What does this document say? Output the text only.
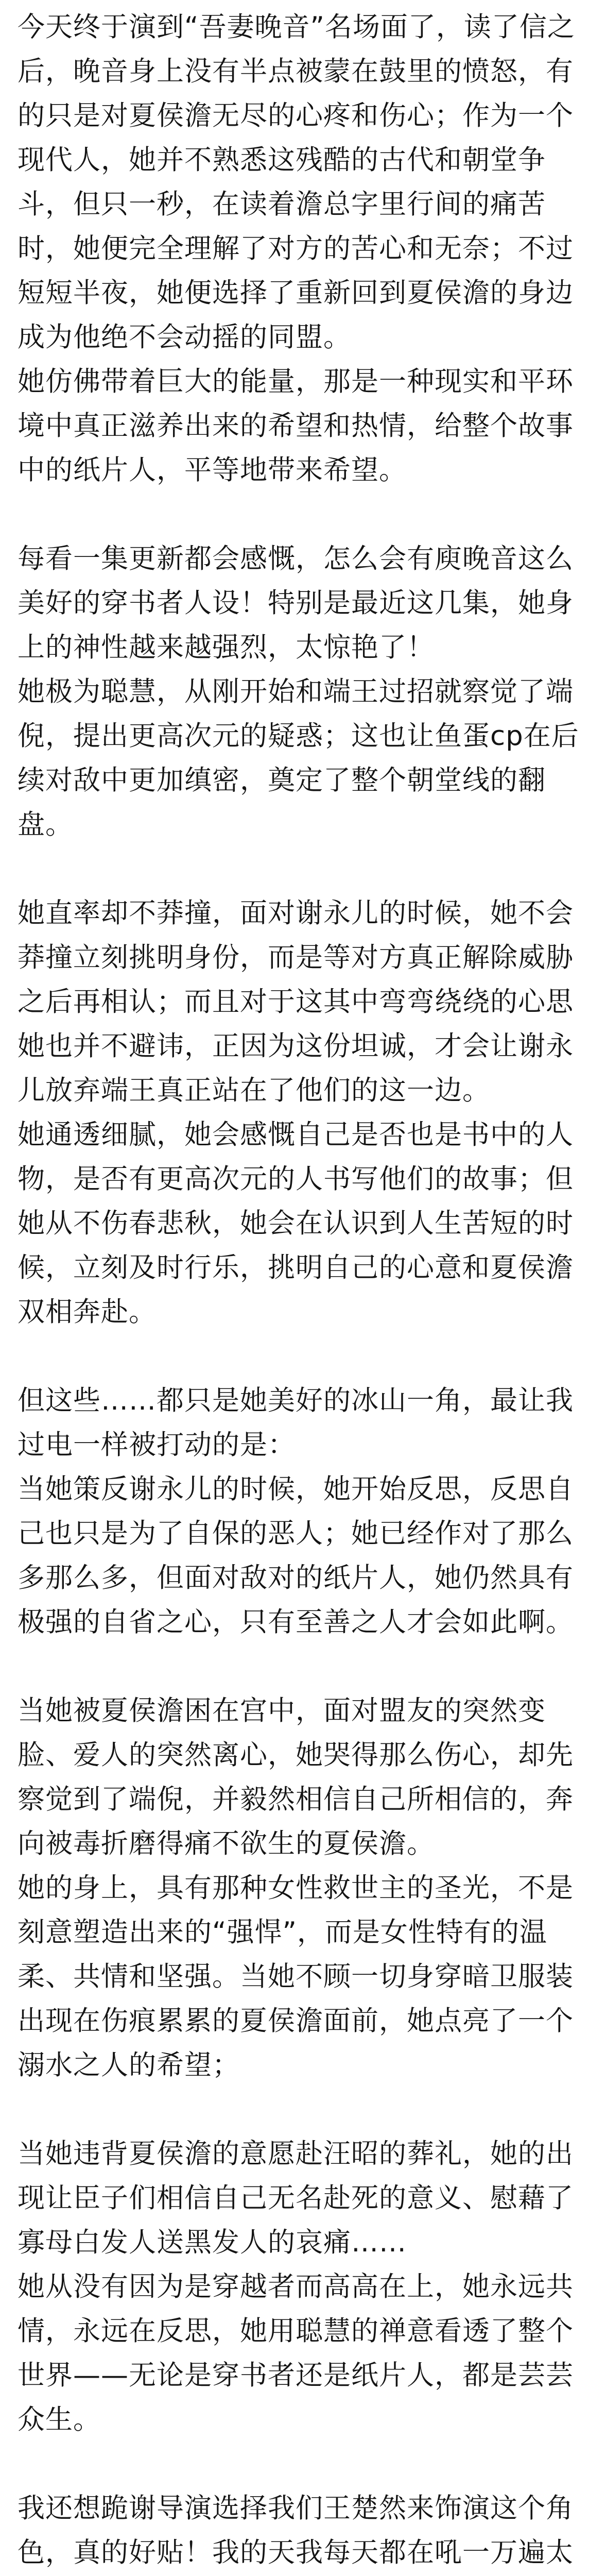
今天终于演到“吾妻晚音”名场面了，读了信之后，晚音身上没有半点被蒙在鼓里的愤怒，有的只是对夏侯澹无尽的心疼和伤心；作为一个现代人，她并不熟悉这残酷的古代和朝堂争斗，但只一秒，在读着澹总字里行间的痛苦时，她便完全理解了对方的苦心和无奈；不过短短半夜，她便选择了重新回到夏侯澹的身边成为他绝不会动摇的同盟。

她仿佛带着巨大的能量，那是一种现实和平环境中真正滋养出来的希望和热情，给整个故事中的纸片人，平等地带来希望。

每看一集更新都会感慨，怎么会有庾晚音这么美好的穿书者人设！特别是最近这几集，她身上的神性越来越强烈，太惊艳了！

她极为聪慧，从刚开始和端王过招就察觉了端倪，提出更高次元的疑惑；这也让鱼蛋cp在后续对敌中更加缜密，奠定了整个朝堂线的翻盘。

她直率却不莽撞，面对谢永儿的时候，她不会莽撞立刻挑明身份，而是等对方真正解除威胁之后再相认；而且对于这其中弯弯绕绕的心思她也并不避讳，正因为这份坦诚，才会让谢永儿放弃端王真正站在了他们的这一边。

她通透细腻，她会感慨自己是否也是书中的人物，是否有更高次元的人书写他们的故事；但她从不伤春悲秋，她会在认识到人生苦短的时候，立刻及时行乐，挑明自己的心意和夏侯澹双相奔赴。

但这些……都只是她美好的冰山一角，最让我过电一样被打动的是：

当她策反谢永儿的时候，她开始反思，反思自己也只是为了自保的恶人；她已经作对了那么多那么多，但面对敌对的纸片人，她仍然具有极强的自省之心，只有至善之人才会如此啊。

当她被夏侯澹困在宫中，面对盟友的突然变脸、爱人的突然离心，她哭得那么伤心，却先察觉到了端倪，并毅然相信自己所相信的，奔向被毒折磨得痛不欲生的夏侯澹。

她的身上，具有那种女性救世主的圣光，不是刻意塑造出来的“强悍”，而是女性特有的温柔、共情和坚强。当她不顾一切身穿暗卫服装出现在伤痕累累的夏侯澹面前，她点亮了一个溺水之人的希望；

当她违背夏侯澹的意愿赴汪昭的葬礼，她的出现让臣子们相信自己无名赴死的意义、慰藉了寡母白发人送黑发人的哀痛……

她从没有因为是穿越者而高高在上，她永远共情，永远在反思，她用聪慧的禅意看透了整个世界——无论是穿书者还是纸片人，都是芸芸众生。

我还想跪谢导演选择我们王楚然来饰演这个角色，真的好贴！我的天我每天都在吼一万遍太
